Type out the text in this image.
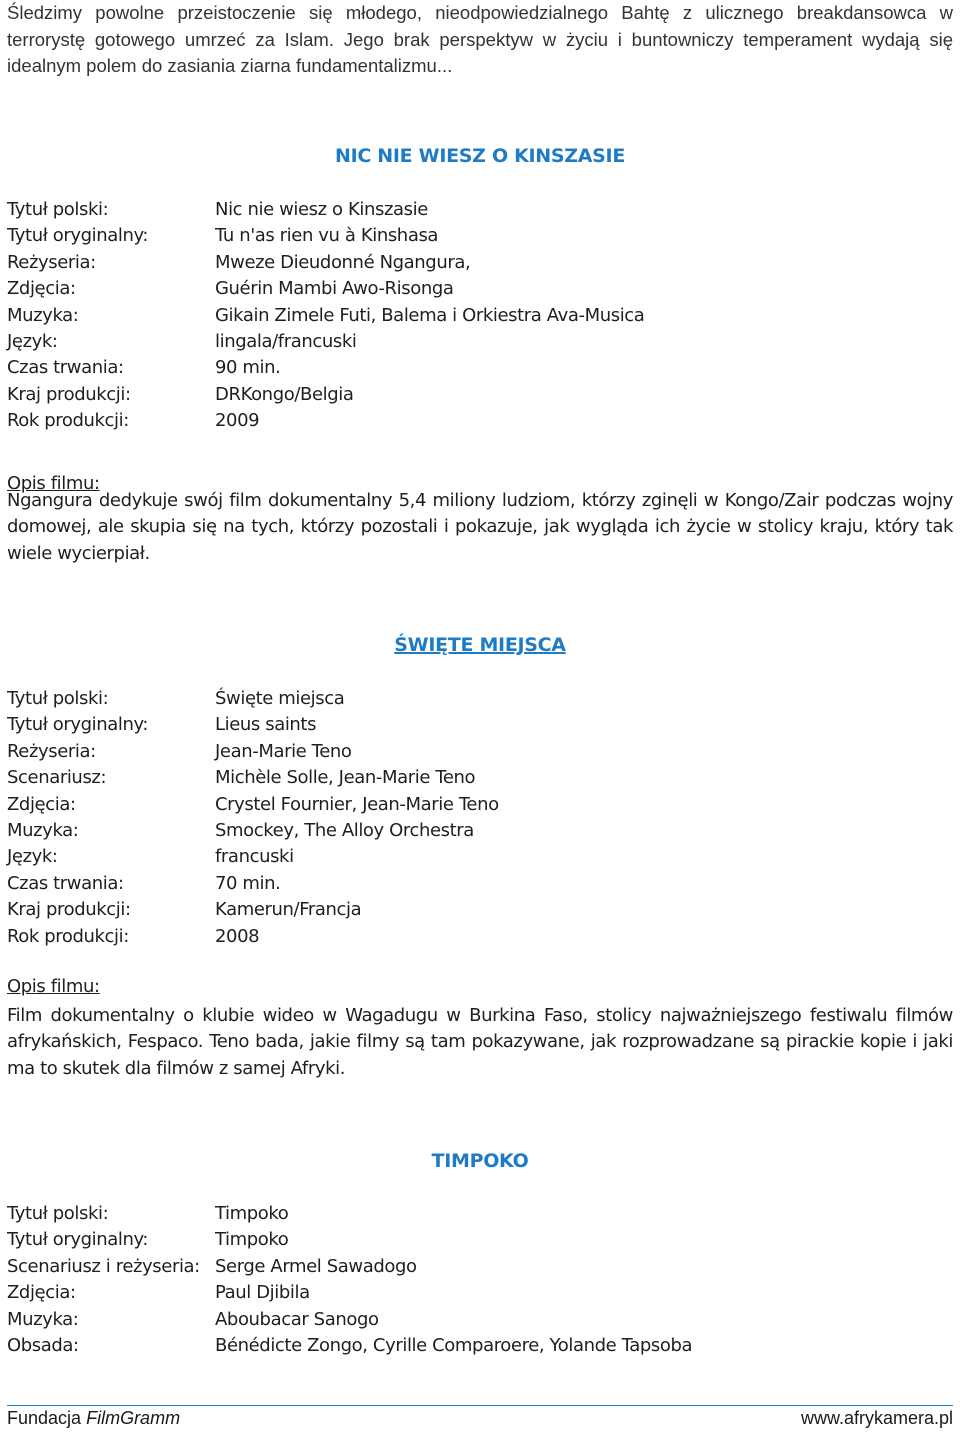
Śledzimy powolne przeistoczenie się młodego, nieodpowiedzialnego Bahtę z ulicznego breakdansowca w terrorystę gotowego umrzeć za Islam. Jego brak perspektyw w życiu i buntowniczy temperament wydają się idealnym polem do zasiania ziarna fundamentalizmu...
NIC NIE WIESZ O KINSZASIE
Tytuł polski:	Nic nie wiesz o Kinszasie
Tytuł oryginalny:	Tu n'as rien vu à Kinshasa
Reżyseria:	Mweze Dieudonné Ngangura,
Zdjęcia:	Guérin Mambi Awo-Risonga
Muzyka:	Gikain Zimele Futi, Balema i Orkiestra Ava-Musica
Język:	lingala/francuski
Czas trwania:	90 min.
Kraj produkcji:	DRKongo/Belgia
Rok produkcji:	2009
Opis filmu:
Ngangura dedykuje swój film dokumentalny 5,4 miliony ludziom, którzy zginęli w Kongo/Zair podczas wojny domowej, ale skupia się na tych, którzy pozostali i pokazuje, jak wygląda ich życie w stolicy kraju, który tak wiele wycierpiał.
ŚWIĘTE MIEJSCA
Tytuł polski:	Święte miejsca
Tytuł oryginalny:	Lieus saints
Reżyseria:	Jean-Marie Teno
Scenariusz:	Michèle Solle, Jean-Marie Teno
Zdjęcia:	Crystel Fournier, Jean-Marie Teno
Muzyka:	Smockey, The Alloy Orchestra
Język:	francuski
Czas trwania:	70 min.
Kraj produkcji:	Kamerun/Francja
Rok produkcji:	2008
Opis filmu:
Film dokumentalny o klubie wideo w Wagadugu w Burkina Faso, stolicy najważniejszego festiwalu filmów afrykańskich, Fespaco. Teno bada, jakie filmy są tam pokazywane, jak rozprowadzane są pirackie kopie i jaki ma to skutek dla filmów z samej Afryki.
TIMPOKO
Tytuł polski:	Timpoko
Tytuł oryginalny:	Timpoko
Scenariusz i reżyseria: Serge Armel Sawadogo
Zdjęcia:	Paul Djibila
Muzyka:	Aboubacar Sanogo
Obsada:	Bénédicte Zongo, Cyrille Comparoere, Yolande Tapsoba
Fundacja FilmGramm	www.afrykamera.pl
